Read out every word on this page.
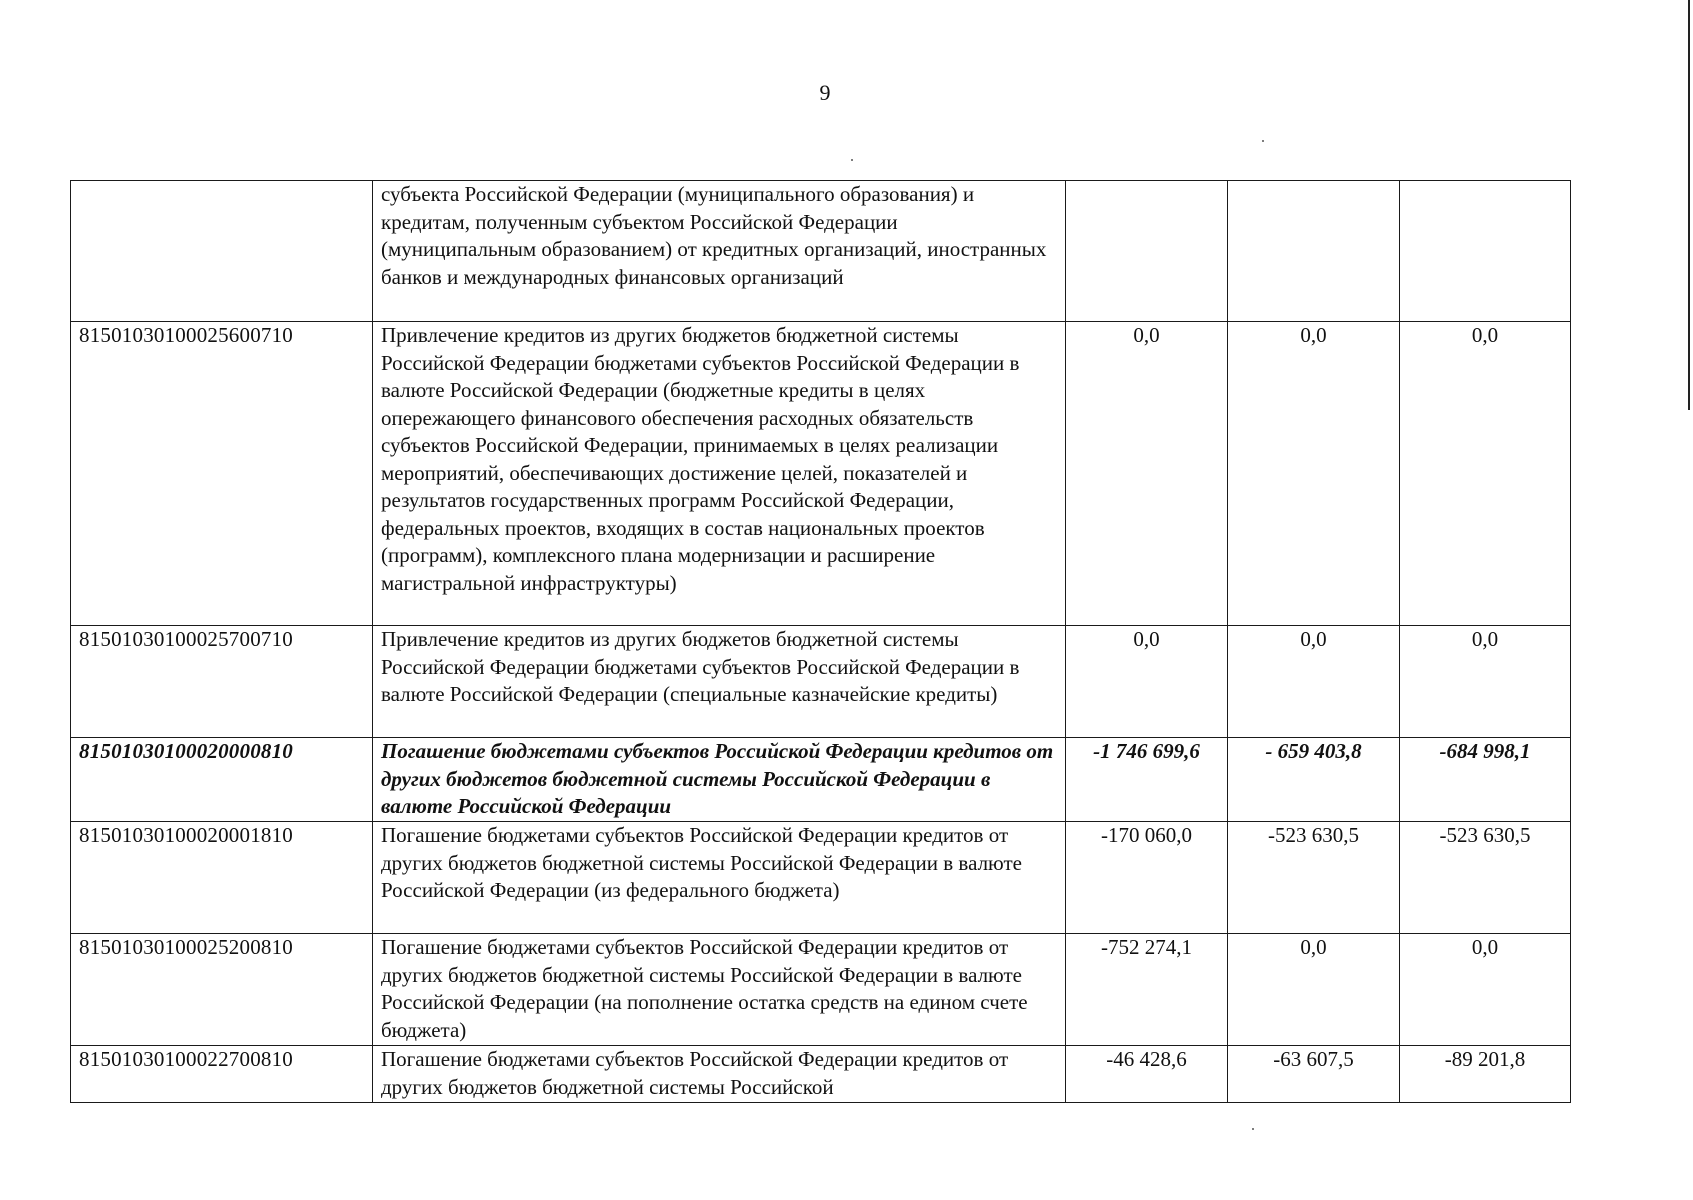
9
	субъекта Российской Федерации (муниципального образования) и кредитам, полученным субъектом Российской Федерации (муниципальным образованием) от кредитных организаций, иностранных банков и международных финансовых организаций			
81501030100025600710	Привлечение кредитов из других бюджетов бюджетной системы Российской Федерации бюджетами субъектов Российской Федерации в валюте Российской Федерации (бюджетные кредиты в целях опережающего финансового обеспечения расходных обязательств субъектов Российской Федерации, принимаемых в целях реализации мероприятий, обеспечивающих достижение целей, показателей и результатов государственных программ Российской Федерации, федеральных проектов, входящих в состав национальных проектов (программ), комплексного плана модернизации и расширение магистральной инфраструктуры)	0,0	0,0	0,0
81501030100025700710	Привлечение кредитов из других бюджетов бюджетной системы Российской Федерации бюджетами субъектов Российской Федерации в валюте Российской Федерации (специальные казначейские кредиты)	0,0	0,0	0,0
81501030100020000810	Погашение бюджетами субъектов Российской Федерации кредитов от других бюджетов бюджетной системы Российской Федерации в валюте Российской Федерации	-1 746 699,6	- 659 403,8	-684 998,1
81501030100020001810	Погашение бюджетами субъектов Российской Федерации кредитов от других бюджетов бюджетной системы Российской Федерации в валюте Российской Федерации (из федерального бюджета)	-170 060,0	-523 630,5	-523 630,5
81501030100025200810	Погашение бюджетами субъектов Российской Федерации кредитов от других бюджетов бюджетной системы Российской Федерации в валюте Российской Федерации (на пополнение остатка средств на едином счете бюджета)	-752 274,1	0,0	0,0
81501030100022700810	Погашение бюджетами субъектов Российской Федерации кредитов от других бюджетов бюджетной системы Российской	-46 428,6	-63 607,5	-89 201,8
